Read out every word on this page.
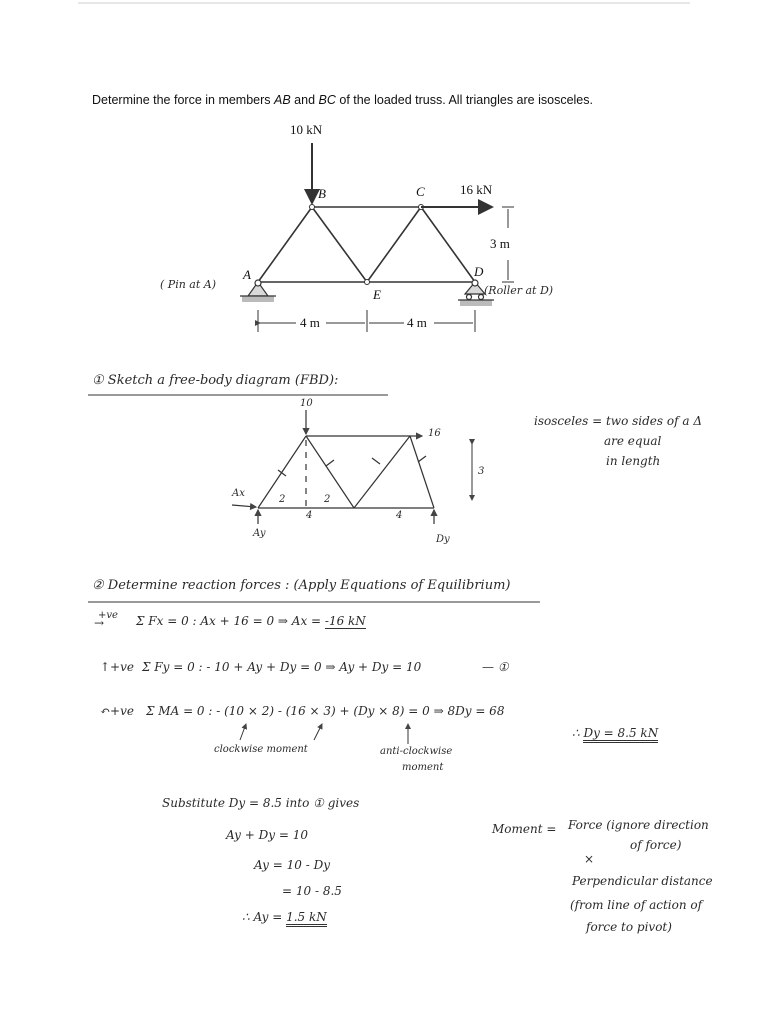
Determine the force in members AB and BC of the loaded truss. All triangles are isosceles.
10 kN
16 kN
B	C
A	D
E
3 m
4 m	4 m
( Pin at A)	(Roller at D)
① Sketch a free-body diagram (FBD):
10
16
3
Ax
Ay
Dy
2	2
4	4
isosceles = two sides of a Δ
are equal
in length
② Determine reaction forces : (Apply Equations of Equilibrium)
+ve
→	Σ Fx = 0 : Ax + 16 = 0 ⇒ Ax = -16 kN
↑+ve Σ Fy = 0 : - 10 + Ay + Dy = 0 ⇒ Ay + Dy = 10	— ①
↶+ve Σ MA = 0 : - (10 × 2) - (16 × 3) + (Dy × 8) = 0 ⇒ 8Dy = 68
∴ Dy = 8.5 kN
clockwise moment	anti-clockwise
moment
Substitute Dy = 8.5 into ① gives
Ay + Dy = 10
Ay = 10 - Dy
= 10 - 8.5
∴ Ay = 1.5 kN
Moment = Force (ignore direction
of force)
×
Perpendicular distance
(from line of action of
force to pivot)
